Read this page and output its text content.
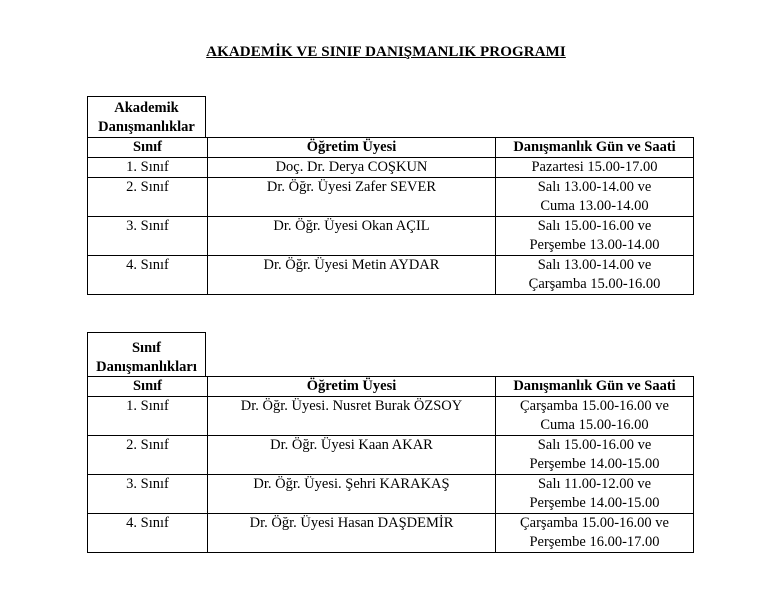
AKADEMİK VE SINIF DANIŞMANLIK PROGRAMI
Akademik
Danışmanlıklar
Sınıf	Öğretim Üyesi	Danışmanlık Gün ve Saati
1. Sınıf	Doç. Dr. Derya COŞKUN	Pazartesi 15.00-17.00

2. Sınıf	Dr. Öğr. Üyesi Zafer SEVER	Salı 13.00-14.00 ve
Cuma 13.00-14.00

3. Sınıf	Dr. Öğr. Üyesi Okan AÇIL	Salı 15.00-16.00 ve
Perşembe 13.00-14.00

4. Sınıf	Dr. Öğr. Üyesi Metin AYDAR	Salı 13.00-14.00 ve
Çarşamba 15.00-16.00
Sınıf
Danışmanlıkları
Sınıf	Öğretim Üyesi	Danışmanlık Gün ve Saati
1. Sınıf	Dr. Öğr. Üyesi. Nusret Burak ÖZSOY	Çarşamba 15.00-16.00 ve
Cuma 15.00-16.00

2. Sınıf	Dr. Öğr. Üyesi Kaan AKAR	Salı 15.00-16.00 ve
Perşembe 14.00-15.00

3. Sınıf	Dr. Öğr. Üyesi. Şehri KARAKAŞ	Salı 11.00-12.00 ve
Perşembe 14.00-15.00

4. Sınıf	Dr. Öğr. Üyesi Hasan DAŞDEMİR	Çarşamba 15.00-16.00 ve
Perşembe 16.00-17.00
